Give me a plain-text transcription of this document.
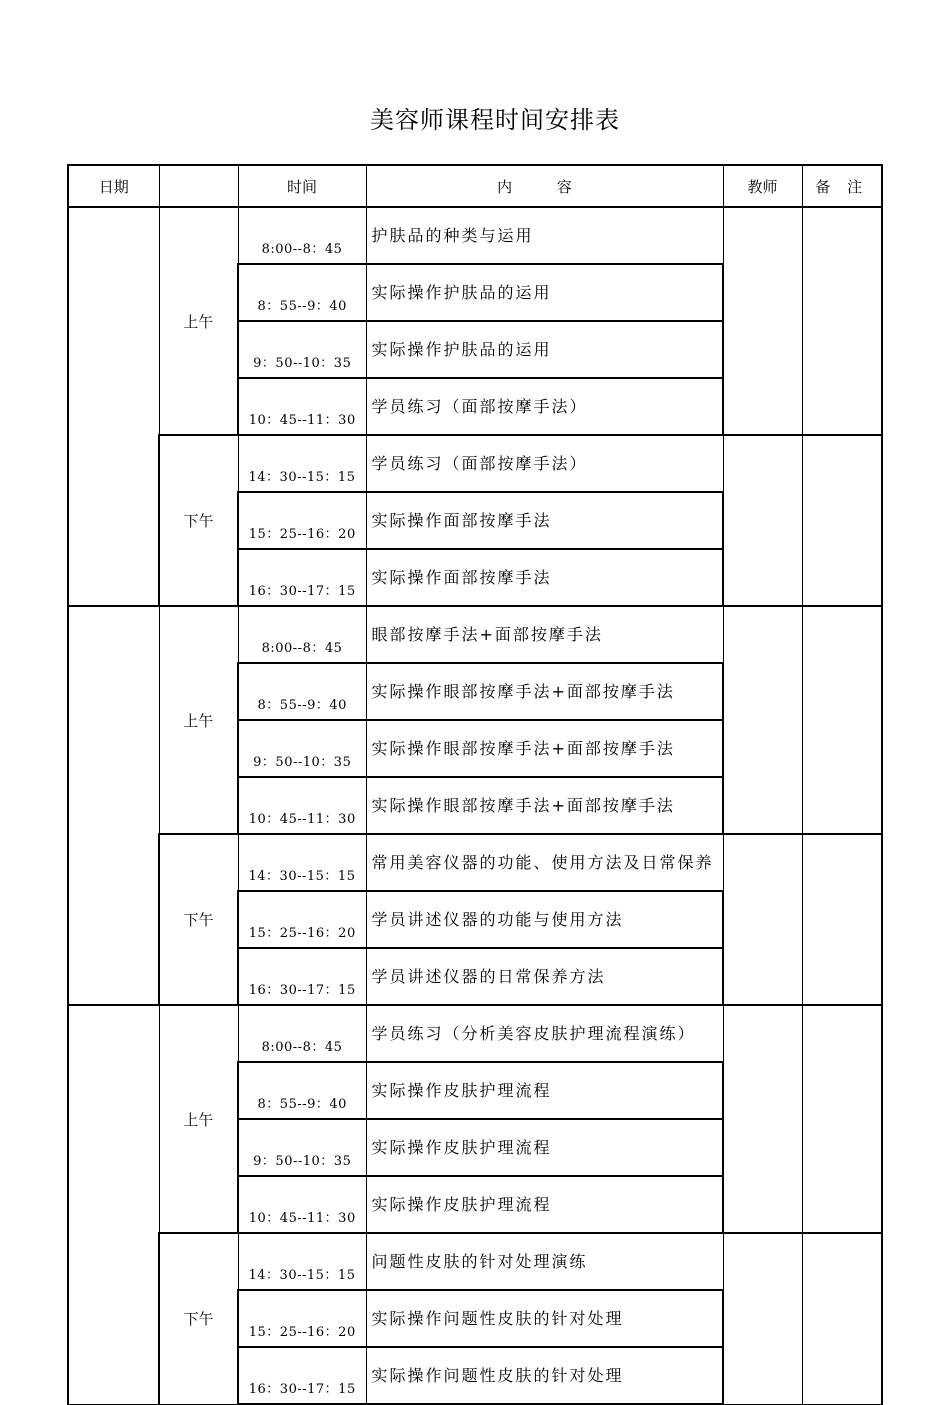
美容师课程时间安排表
日期		时间	内 容	教师	备 注
	上午	8:00--8：45	护肤品的种类与运用		
		8：55--9：40	实际操作护肤品的运用		
		9：50--10：35	实际操作护肤品的运用		
		10：45--11：30	学员练习（面部按摩手法）		
	下午	14：30--15：15	学员练习（面部按摩手法）		
		15：25--16：20	实际操作面部按摩手法		
		16：30--17：15	实际操作面部按摩手法		
	上午	8:00--8：45	眼部按摩手法+面部按摩手法		
		8：55--9：40	实际操作眼部按摩手法+面部按摩手法		
		9：50--10：35	实际操作眼部按摩手法+面部按摩手法		
		10：45--11：30	实际操作眼部按摩手法+面部按摩手法		
	下午	14：30--15：15	常用美容仪器的功能、使用方法及日常保养		
		15：25--16：20	学员讲述仪器的功能与使用方法		
		16：30--17：15	学员讲述仪器的日常保养方法		
	上午	8:00--8：45	学员练习（分析美容皮肤护理流程演练）		
		8：55--9：40	实际操作皮肤护理流程		
		9：50--10：35	实际操作皮肤护理流程		
		10：45--11：30	实际操作皮肤护理流程		
	下午	14：30--15：15	问题性皮肤的针对处理演练		
		15：25--16：20	实际操作问题性皮肤的针对处理		
		16：30--17：15	实际操作问题性皮肤的针对处理		
